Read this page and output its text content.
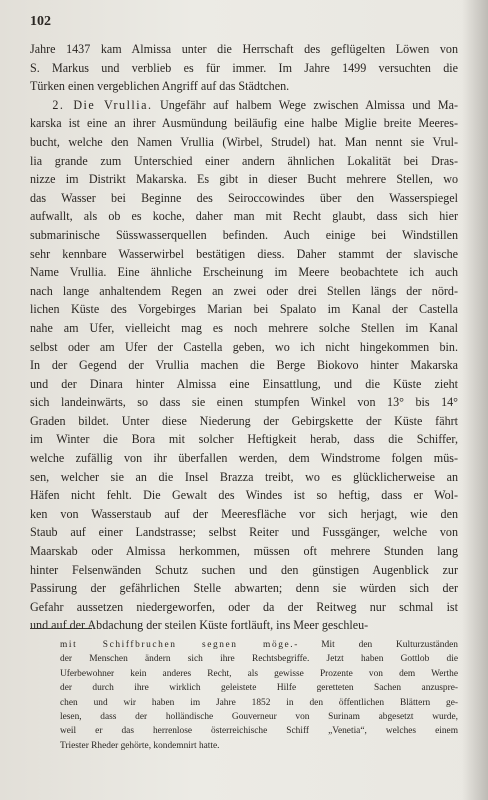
102
Jahre 1437 kam Almissa unter die Herrschaft des geflügelten Löwen von
S. Markus und verblieb es für immer. Im Jahre 1499 versuchten die
Türken einen vergeblichen Angriff auf das Städtchen.
2. Die Vrullia. Ungefähr auf halbem Wege zwischen Almissa und Ma-
karska ist eine an ihrer Ausmündung beiläufig eine halbe Miglie breite Meeres-
bucht, welche den Namen Vrullia (Wirbel, Strudel) hat. Man nennt sie Vrul-
lia grande zum Unterschied einer andern ähnlichen Lokalität bei Dras-
nizze im Distrikt Makarska. Es gibt in dieser Bucht mehrere Stellen, wo
das Wasser bei Beginne des Seiroccowindes über den Wasserspiegel
aufwallt, als ob es koche, daher man mit Recht glaubt, dass sich hier
submarinische Süsswasserquellen befinden. Auch einige bei Windstillen
sehr kennbare Wasserwirbel bestätigen diess. Daher stammt der slavische
Name Vrullia. Eine ähnliche Erscheinung im Meere beobachtete ich auch
nach lange anhaltendem Regen an zwei oder drei Stellen längs der nörd-
lichen Küste des Vorgebirges Marian bei Spalato im Kanal der Castella
nahe am Ufer, vielleicht mag es noch mehrere solche Stellen im Kanal
selbst oder am Ufer der Castella geben, wo ich nicht hingekommen bin.
In der Gegend der Vrullia machen die Berge Biokovo hinter Makarska
und der Dinara hinter Almissa eine Einsattlung, und die Küste zieht
sich landeinwärts, so dass sie einen stumpfen Winkel von 13° bis 14°
Graden bildet. Unter diese Niederung der Gebirgskette der Küste fährt
im Winter die Bora mit solcher Heftigkeit herab, dass die Schiffer,
welche zufällig von ihr überfallen werden, dem Windstrome folgen müs-
sen, welcher sie an die Insel Brazza treibt, wo es glücklicherweise an
Häfen nicht fehlt. Die Gewalt des Windes ist so heftig, dass er Wol-
ken von Wasserstaub auf der Meeresfläche vor sich herjagt, wie den
Staub auf einer Landstrasse; selbst Reiter und Fussgänger, welche von
Maarskab oder Almissa herkommen, müssen oft mehrere Stunden lang
hinter Felsenwänden Schutz suchen und den günstigen Augenblick zur
Passirung der gefährlichen Stelle abwarten; denn sie würden sich der
Gefahr aussetzen niedergeworfen, oder da der Reitweg nur schmal ist
und auf der Abdachung der steilen Küste fortläuft, ins Meer geschleu-
mit Schiffbruchen segnen möge.- Mit den Kulturzuständen
der Menschen ändern sich ihre Rechtsbegriffe. Jetzt haben Gottlob die
Uferbewohner kein anderes Recht, als gewisse Prozente von dem Werthe
der durch ihre wirklich geleistete Hilfe geretteten Sachen anzuspre-
chen und wir haben im Jahre 1852 in den öffentlichen Blättern ge-
lesen, dass der holländische Gouverneur von Surinam abgesetzt wurde,
weil er das herrenlose österreichische Schiff „Venetia“, welches einem
Triester Rheder gehörte, kondemnirt hatte.
